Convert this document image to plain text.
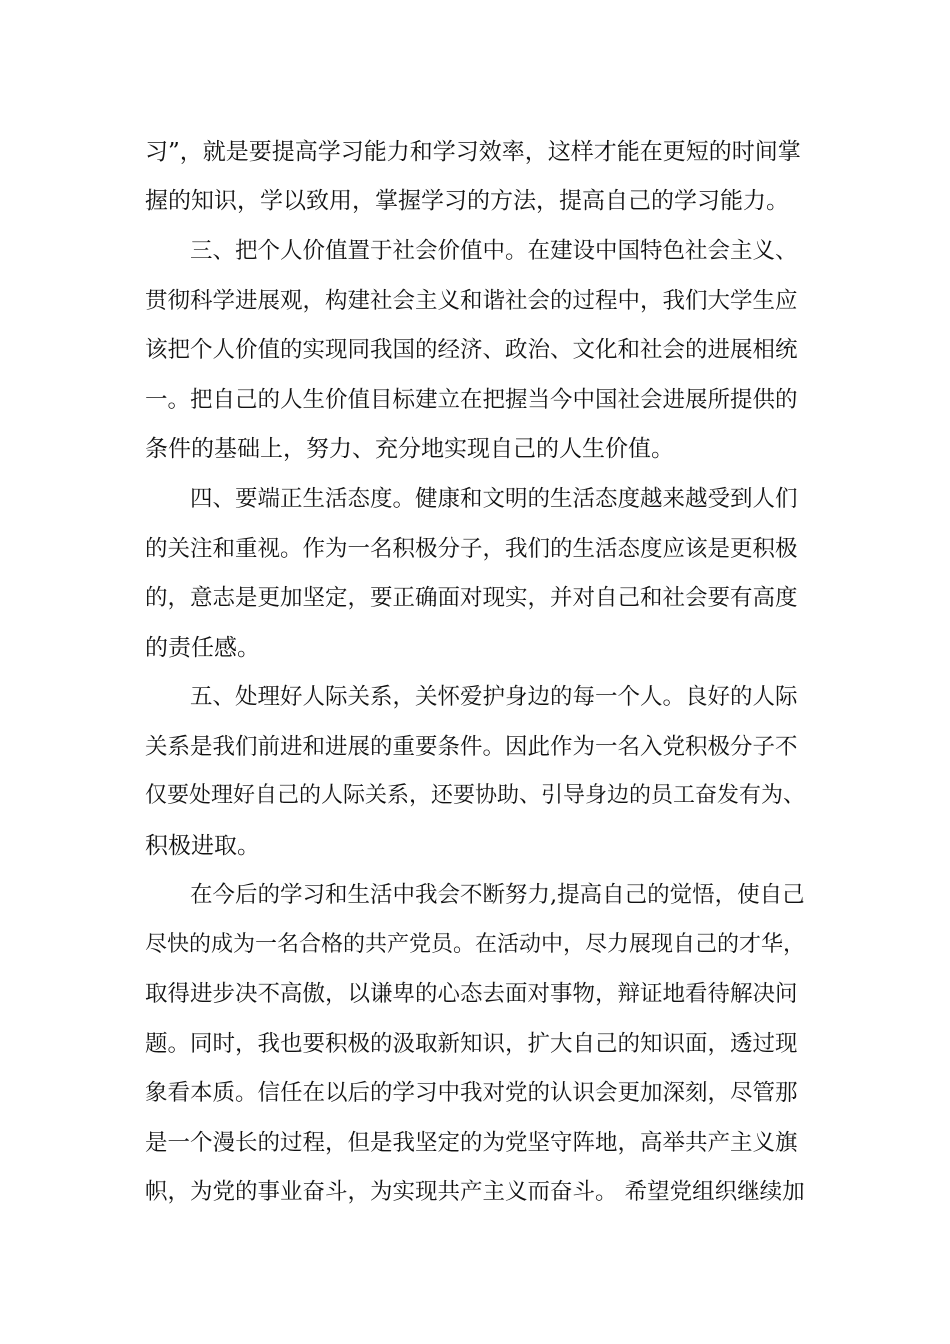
习”，就是要提高学习能力和学习效率，这样才能在更短的时间掌
握的知识，学以致用，掌握学习的方法，提高自己的学习能力。
三、把个人价值置于社会价值中。在建设中国特色社会主义、
贯彻科学进展观，构建社会主义和谐社会的过程中，我们大学生应
该把个人价值的实现同我国的经济、政治、文化和社会的进展相统
一。把自己的人生价值目标建立在把握当今中国社会进展所提供的
条件的基础上，努力、充分地实现自己的人生价值。
四、要端正生活态度。健康和文明的生活态度越来越受到人们
的关注和重视。作为一名积极分子，我们的生活态度应该是更积极
的，意志是更加坚定，要正确面对现实，并对自己和社会要有高度
的责任感。
五、处理好人际关系，关怀爱护身边的每一个人。良好的人际
关系是我们前进和进展的重要条件。因此作为一名入党积极分子不
仅要处理好自己的人际关系，还要协助、引导身边的员工奋发有为、
积极进取。
在今后的学习和生活中我会不断努力,提高自己的觉悟，使自己
尽快的成为一名合格的共产党员。在活动中，尽力展现自己的才华，
取得进步决不高傲，以谦卑的心态去面对事物，辩证地看待解决问
题。同时，我也要积极的汲取新知识，扩大自己的知识面，透过现
象看本质。信任在以后的学习中我对党的认识会更加深刻，尽管那
是一个漫长的过程，但是我坚定的为党坚守阵地，高举共产主义旗
帜，为党的事业奋斗，为实现共产主义而奋斗。 希望党组织继续加
